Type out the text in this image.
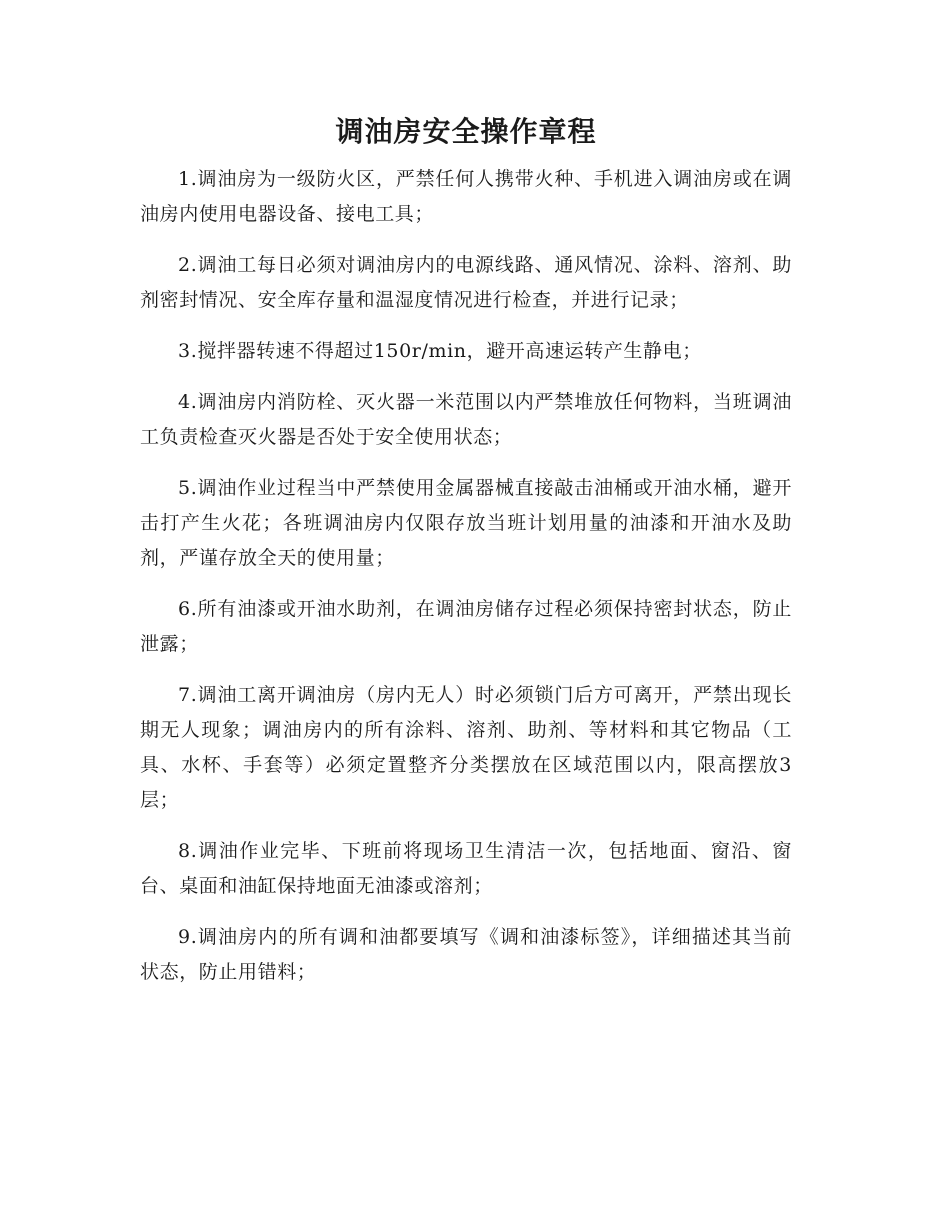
调油房安全操作章程
1.调油房为一级防火区，严禁任何人携带火种、手机进入调油房或在调油房内使用电器设备、接电工具；
2.调油工每日必须对调油房内的电源线路、通风情况、涂料、溶剂、助剂密封情况、安全库存量和温湿度情况进行检查，并进行记录；
3.搅拌器转速不得超过150r/min，避开高速运转产生静电；
4.调油房内消防栓、灭火器一米范围以内严禁堆放任何物料，当班调油工负责检查灭火器是否处于安全使用状态；
5.调油作业过程当中严禁使用金属器械直接敲击油桶或开油水桶，避开击打产生火花；各班调油房内仅限存放当班计划用量的油漆和开油水及助剂，严谨存放全天的使用量；
6.所有油漆或开油水助剂，在调油房储存过程必须保持密封状态，防止泄露；
7.调油工离开调油房（房内无人）时必须锁门后方可离开，严禁出现长期无人现象；调油房内的所有涂料、溶剂、助剂、等材料和其它物品（工具、水杯、手套等）必须定置整齐分类摆放在区域范围以内，限高摆放3层；
8.调油作业完毕、下班前将现场卫生清洁一次，包括地面、窗沿、窗台、桌面和油缸保持地面无油漆或溶剂；
9.调油房内的所有调和油都要填写《调和油漆标签》，详细描述其当前状态，防止用错料；
